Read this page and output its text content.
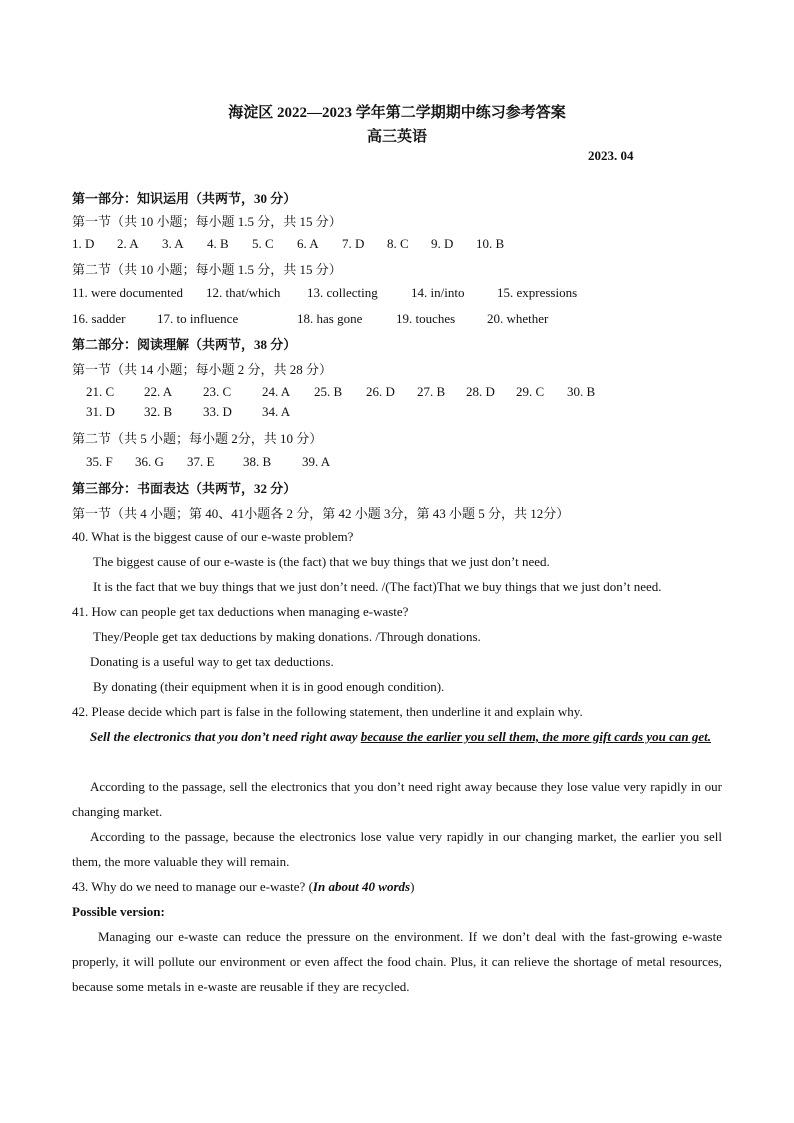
海淀区 2022—2023 学年第二学期期中练习参考答案
高三英语
2023. 04
第一部分：知识运用（共两节，30 分）
第一节（共 10 小题；每小题 1.5 分，共 15 分）
1. D 2. A 3. A 4. B 5. C 6. A 7. D 8. C 9. D 10. B
第二节（共 10 小题；每小题 1.5 分，共 15 分）
11. were documented 12. that/which 13. collecting	14. in/into	15. expressions
16. sadder 17. to influence	18. has gone	19. touches 20. whether
第二部分：阅读理解（共两节，38 分）
第一节（共 14 小题；每小题 2 分，共 28 分）
21. C 22. A 23. C 24. A 25. B 26. D 27. B 28. D 29. C 30. B
31. D 32. B 33. D 34. A
第二节（共 5 小题；每小题 2分，共 10 分）
35. F 36. G 37. E 38. B 39. A
第三部分：书面表达（共两节，32 分）
第一节（共 4 小题；第 40、41小题各 2 分，第 42 小题 3分，第 43 小题 5 分，共 12分）
40. What is the biggest cause of our e-waste problem?
The biggest cause of our e-waste is (the fact) that we buy things that we just don’t need.
It is the fact that we buy things that we just don’t need. /(The fact)That we buy things that we just don’t need.
41. How can people get tax deductions when managing e-waste?
They/People get tax deductions by making donations. /Through donations.
Donating is a useful way to get tax deductions.
By donating (their equipment when it is in good enough condition).
42. Please decide which part is false in the following statement, then underline it and explain why.
Sell the electronics that you don’t need right away because the earlier you sell them, the more gift cards you can get.
According to the passage, sell the electronics that you don’t need right away because they lose value very rapidly in our changing market.
According to the passage, because the electronics lose value very rapidly in our changing market, the earlier you sell them, the more valuable they will remain.
43. Why do we need to manage our e-waste? (In about 40 words)
Possible version:
Managing our e-waste can reduce the pressure on the environment. If we don’t deal with the fast-growing e-waste properly, it will pollute our environment or even affect the food chain. Plus, it can relieve the shortage of metal resources, because some metals in e-waste are reusable if they are recycled.
